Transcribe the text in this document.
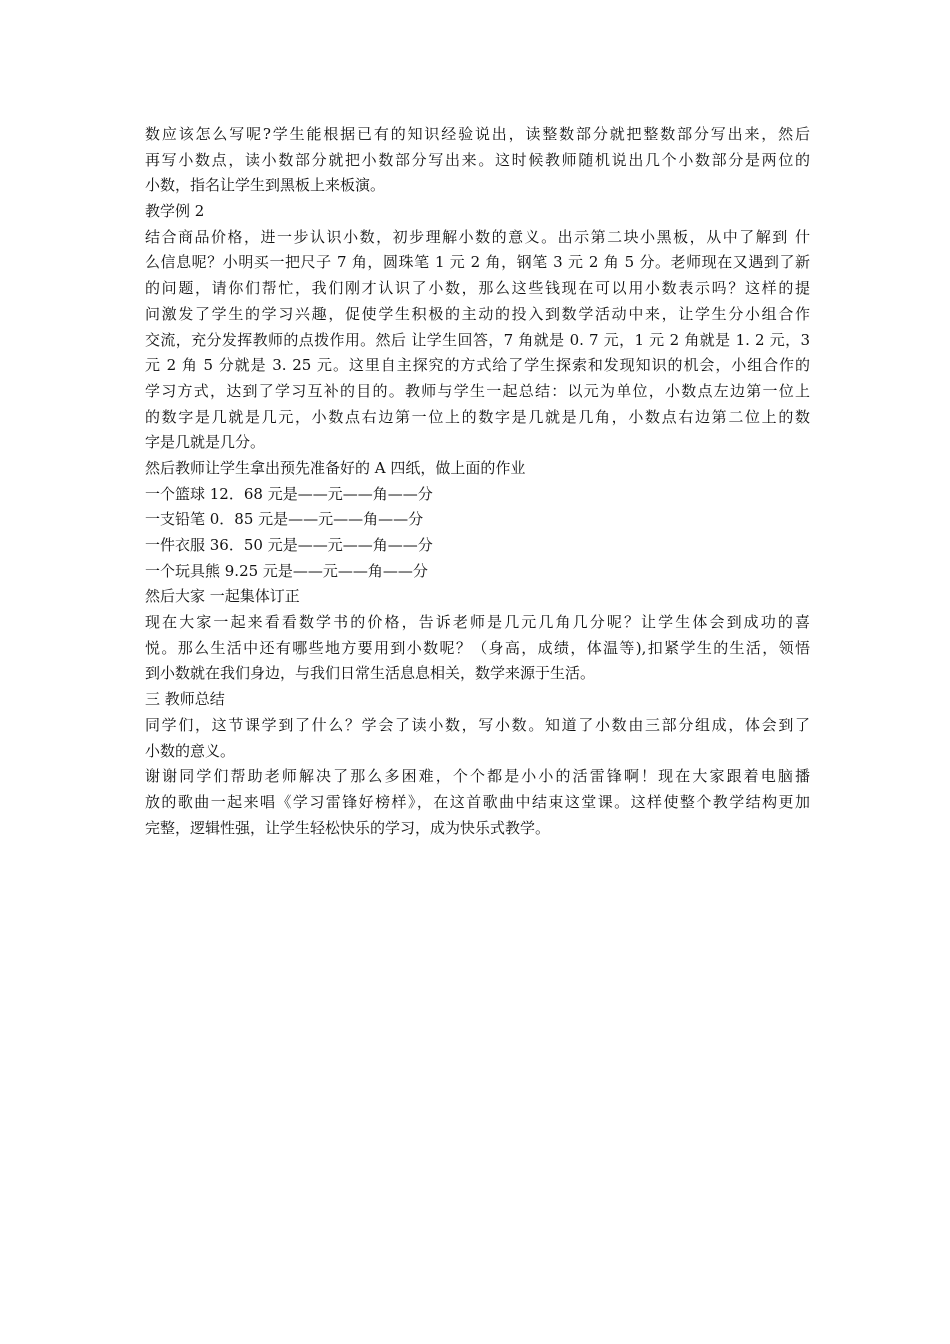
数应该怎么写呢?学生能根据已有的知识经验说出，读整数部分就把整数部分写出来，然后
再写小数点，读小数部分就把小数部分写出来。这时候教师随机说出几个小数部分是两位的
小数，指名让学生到黑板上来板演。
教学例 2
结合商品价格，进一步认识小数，初步理解小数的意义。出示第二块小黑板，从中了解到 什
么信息呢？小明买一把尺子 7 角，圆珠笔 1 元 2 角，钢笔 3 元 2 角 5 分。老师现在又遇到了新
的问题，请你们帮忙，我们刚才认识了小数，那么这些钱现在可以用小数表示吗？这样的提
问激发了学生的学习兴趣，促使学生积极的主动的投入到数学活动中来，让学生分小组合作
交流，充分发挥教师的点拨作用。然后 让学生回答，7 角就是 0. 7 元，1 元 2 角就是 1. 2 元，3
元 2 角 5 分就是 3. 25 元。这里自主探究的方式给了学生探索和发现知识的机会，小组合作的
学习方式，达到了学习互补的目的。教师与学生一起总结：以元为单位，小数点左边第一位上
的数字是几就是几元，小数点右边第一位上的数字是几就是几角，小数点右边第二位上的数
字是几就是几分。
然后教师让学生拿出预先准备好的 A 四纸，做上面的作业
一个篮球 12．68 元是——元——角——分
一支铅笔 0．85 元是——元——角——分
一件衣服 36．50 元是——元——角——分
一个玩具熊 9.25 元是——元——角——分
然后大家 一起集体订正
现在大家一起来看看数学书的价格，告诉老师是几元几角几分呢？让学生体会到成功的喜
悦。那么生活中还有哪些地方要用到小数呢？（身高，成绩，体温等),扣紧学生的生活，领悟
到小数就在我们身边，与我们日常生活息息相关，数学来源于生活。
三 教师总结
同学们，这节课学到了什么？学会了读小数，写小数。知道了小数由三部分组成，体会到了
小数的意义。
谢谢同学们帮助老师解决了那么多困难，个个都是小小的活雷锋啊！现在大家跟着电脑播
放的歌曲一起来唱《学习雷锋好榜样》，在这首歌曲中结束这堂课。这样使整个教学结构更加
完整，逻辑性强，让学生轻松快乐的学习，成为快乐式教学。
